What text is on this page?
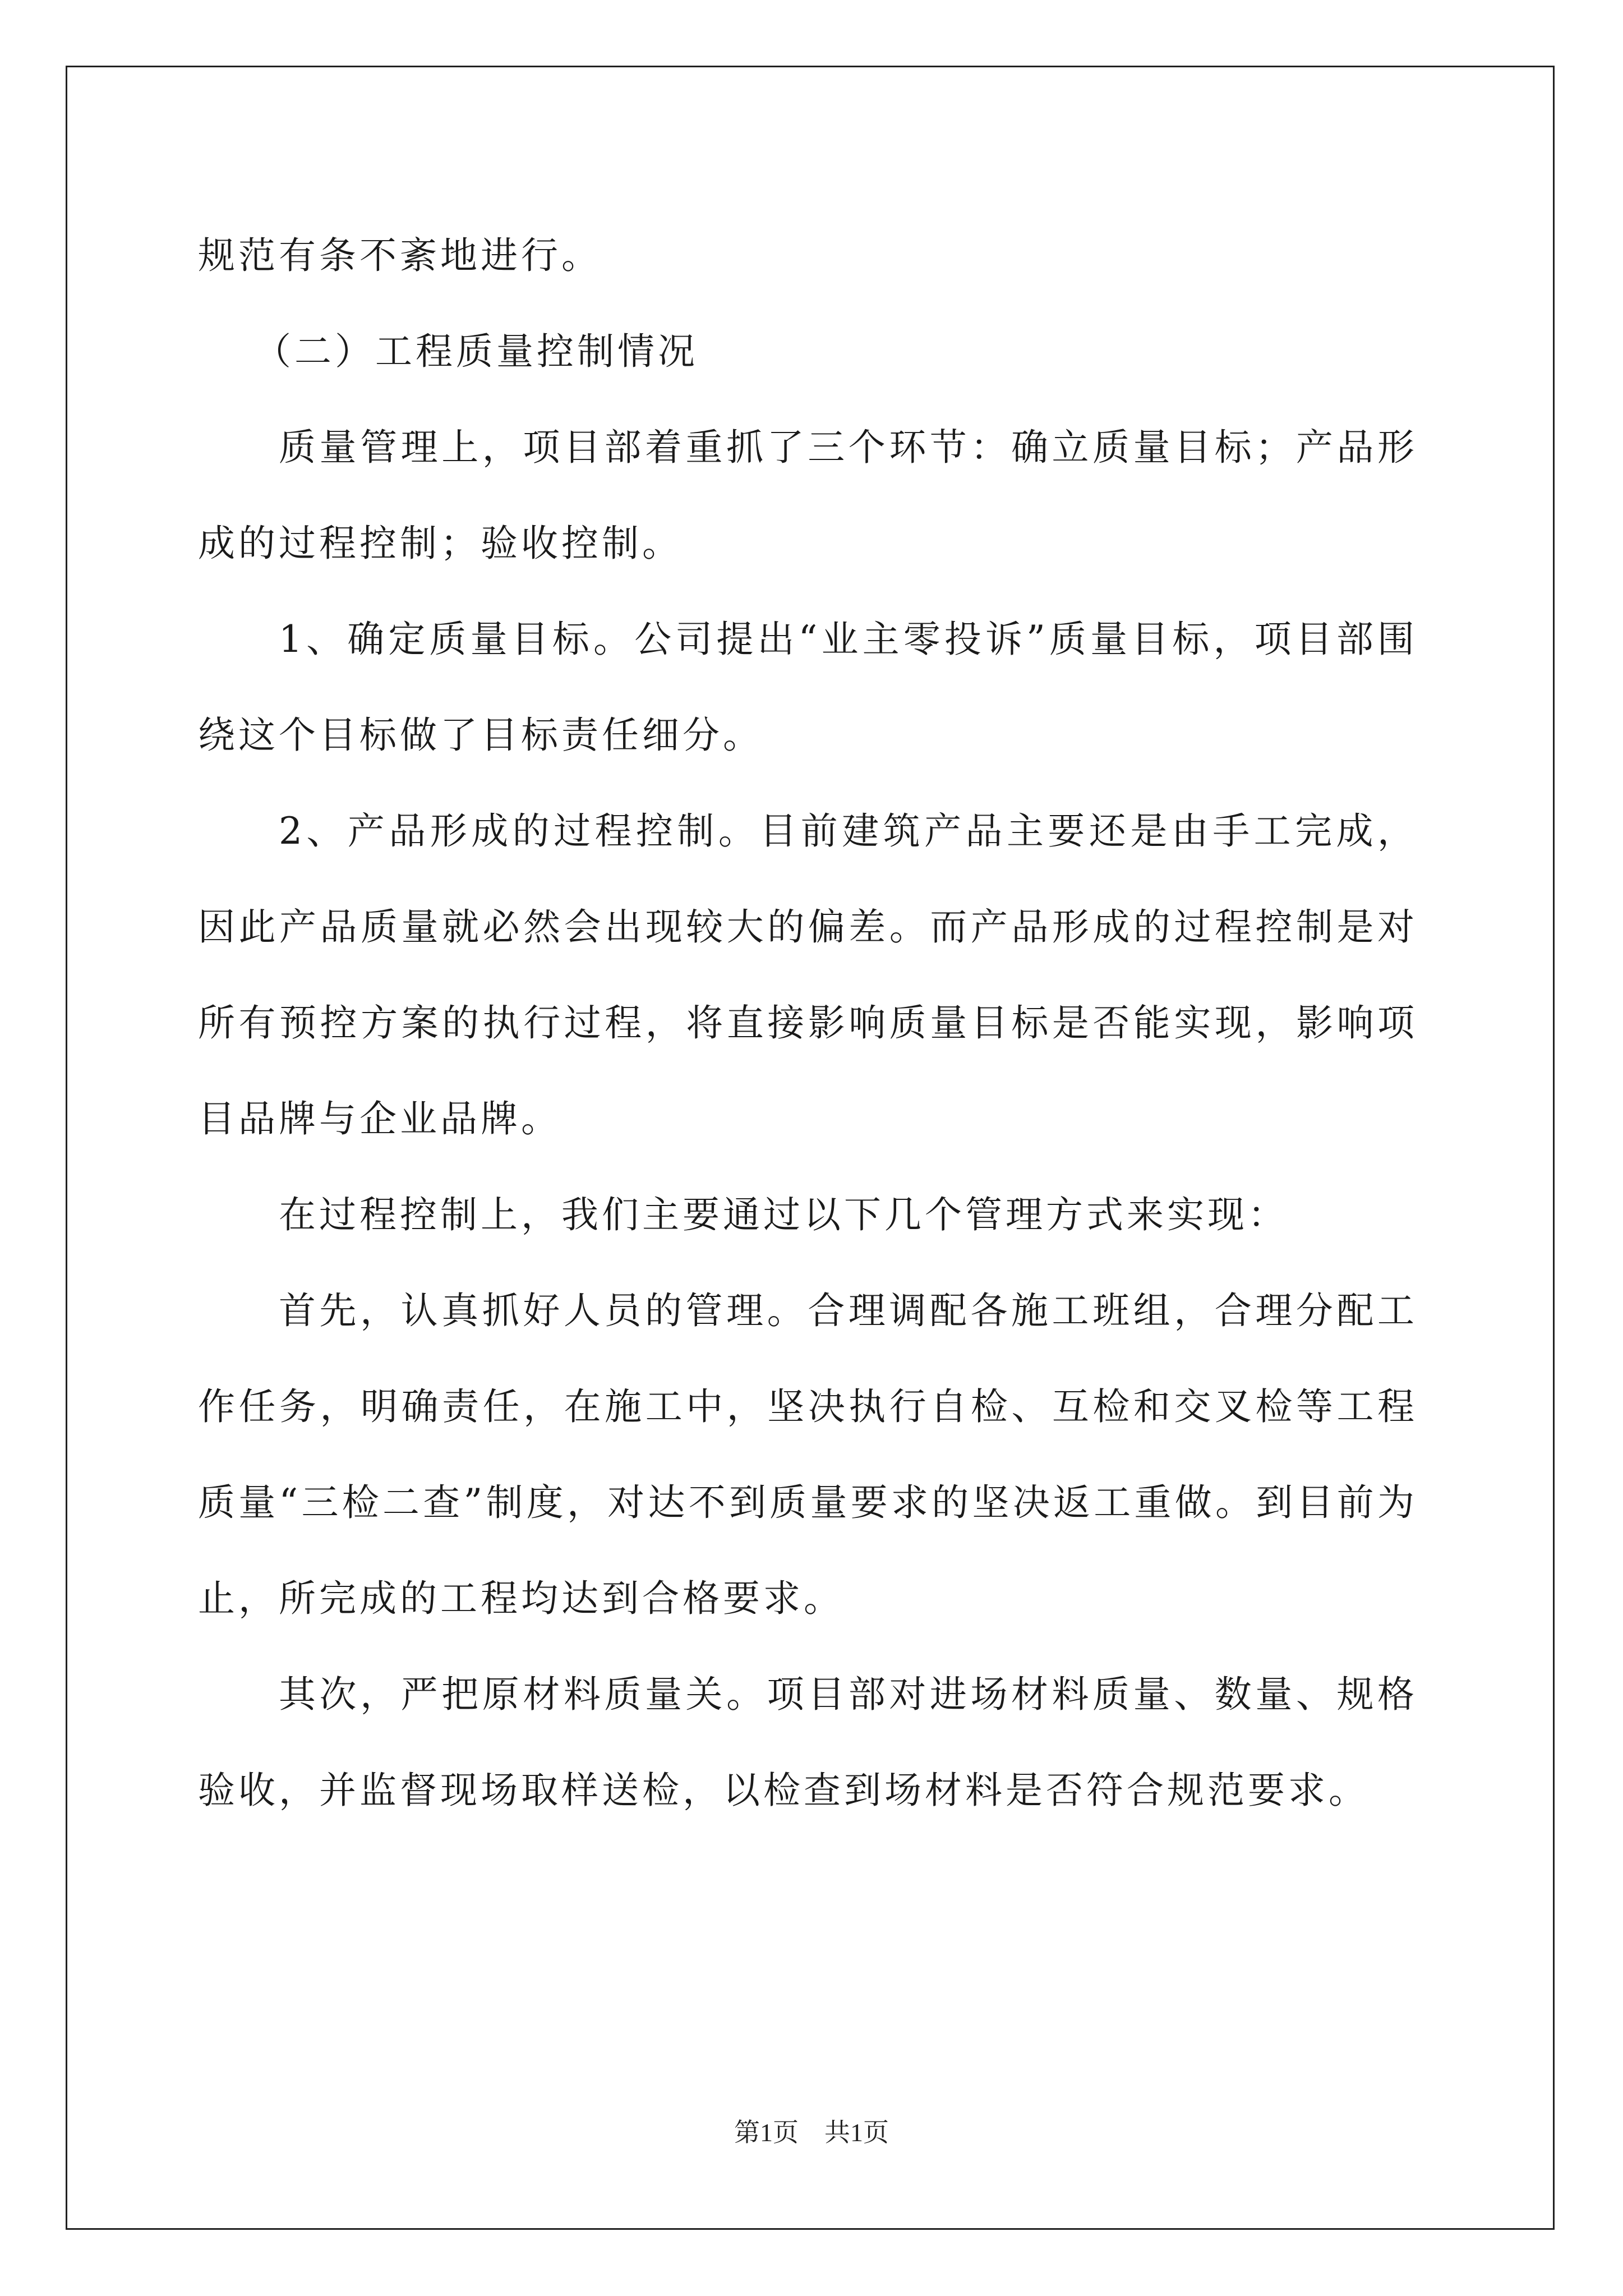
规范有条不紊地进行。

（二）工程质量控制情况

质量管理上，项目部着重抓了三个环节：确立质量目标；产品形成的过程控制；验收控制。

1、确定质量目标。公司提出“业主零投诉”质量目标，项目部围绕这个目标做了目标责任细分。

2、产品形成的过程控制。目前建筑产品主要还是由手工完成，因此产品质量就必然会出现较大的偏差。而产品形成的过程控制是对所有预控方案的执行过程，将直接影响质量目标是否能实现，影响项目品牌与企业品牌。

在过程控制上，我们主要通过以下几个管理方式来实现：

首先，认真抓好人员的管理。合理调配各施工班组，合理分配工作任务，明确责任，在施工中，坚决执行自检、互检和交叉检等工程质量“三检二查”制度，对达不到质量要求的坚决返工重做。到目前为止，所完成的工程均达到合格要求。

其次，严把原材料质量关。项目部对进场材料质量、数量、规格验收，并监督现场取样送检，以检查到场材料是否符合规范要求。

第1页　共1页
